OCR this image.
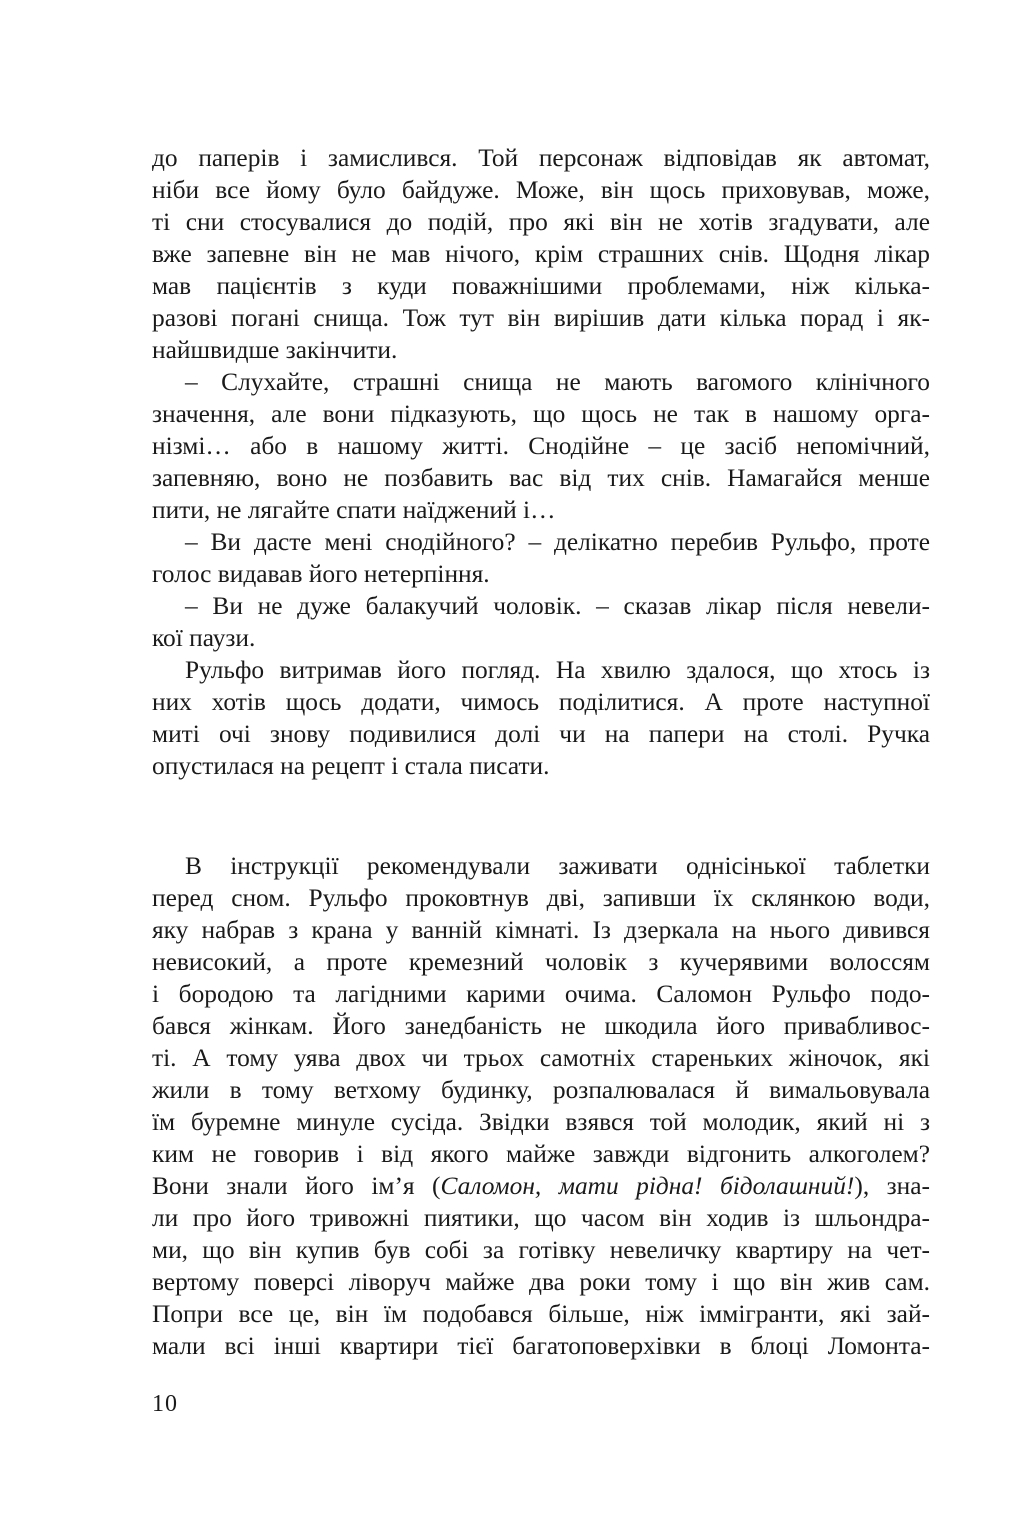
до паперів і замислився. Той персонаж відповідав як автомат,
ніби все йому було байдуже. Може, він щось приховував, може,
ті сни стосувалися до подій, про які він не хотів згадувати, але
вже запевне він не мав нічого, крім страшних снів. Щодня лікар
мав пацієнтів з куди поважнішими проблемами, ніж кілька-
разові погані снища. Тож тут він вирішив дати кілька порад і як-
найшвидше закінчити.
– Слухайте, страшні снища не мають вагомого клінічного
значення, але вони підказують, що щось не так в нашому орга-
нізмі… або в нашому житті. Снодійне – це засіб непомічний,
запевняю, воно не позбавить вас від тих снів. Намагайся менше
пити, не лягайте спати наїджений і…
– Ви дасте мені снодійного? – делікатно перебив Рульфо, проте
голос видавав його нетерпіння.
– Ви не дуже балакучий чоловік. – сказав лікар після невели-
кої паузи.
Рульфо витримав його погляд. На хвилю здалося, що хтось із
них хотів щось додати, чимось поділитися. А проте наступної
миті очі знову подивилися долі чи на папери на столі. Ручка
опустилася на рецепт і стала писати.
В інструкції рекомендували заживати однісінької таблетки
перед сном. Рульфо проковтнув дві, запивши їх склянкою води,
яку набрав з крана у ванній кімнаті. Із дзеркала на нього дивився
невисокий, а проте кремезний чоловік з кучерявими волоссям
і бородою та лагідними карими очима. Саломон Рульфо подо-
бався жінкам. Його занедбаність не шкодила його привабливос-
ті. А тому уява двох чи трьох самотніх старенькиx жіночок, які
жили в тому ветхому будинку, розпалювалася й вимальовувала
їм буремне минуле сусіда. Звідки взявся той молодик, який ні з
ким не говорив і від якого майже завжди відгонить алкоголем?
Вони знали його ім’я (Саломон, мати рідна! бідолашний!), зна-
ли про його тривожні пиятики, що часом він ходив із шльондра-
ми, що він купив був собі за готівку невеличку квартиру на чет-
вертому поверсі ліворуч майже два роки тому і що він жив сам.
Попри все це, він їм подобався більше, ніж іммігранти, які зай-
мали всі інші квартири тієї багатоповерхівки в блоці Ломонта-
10
